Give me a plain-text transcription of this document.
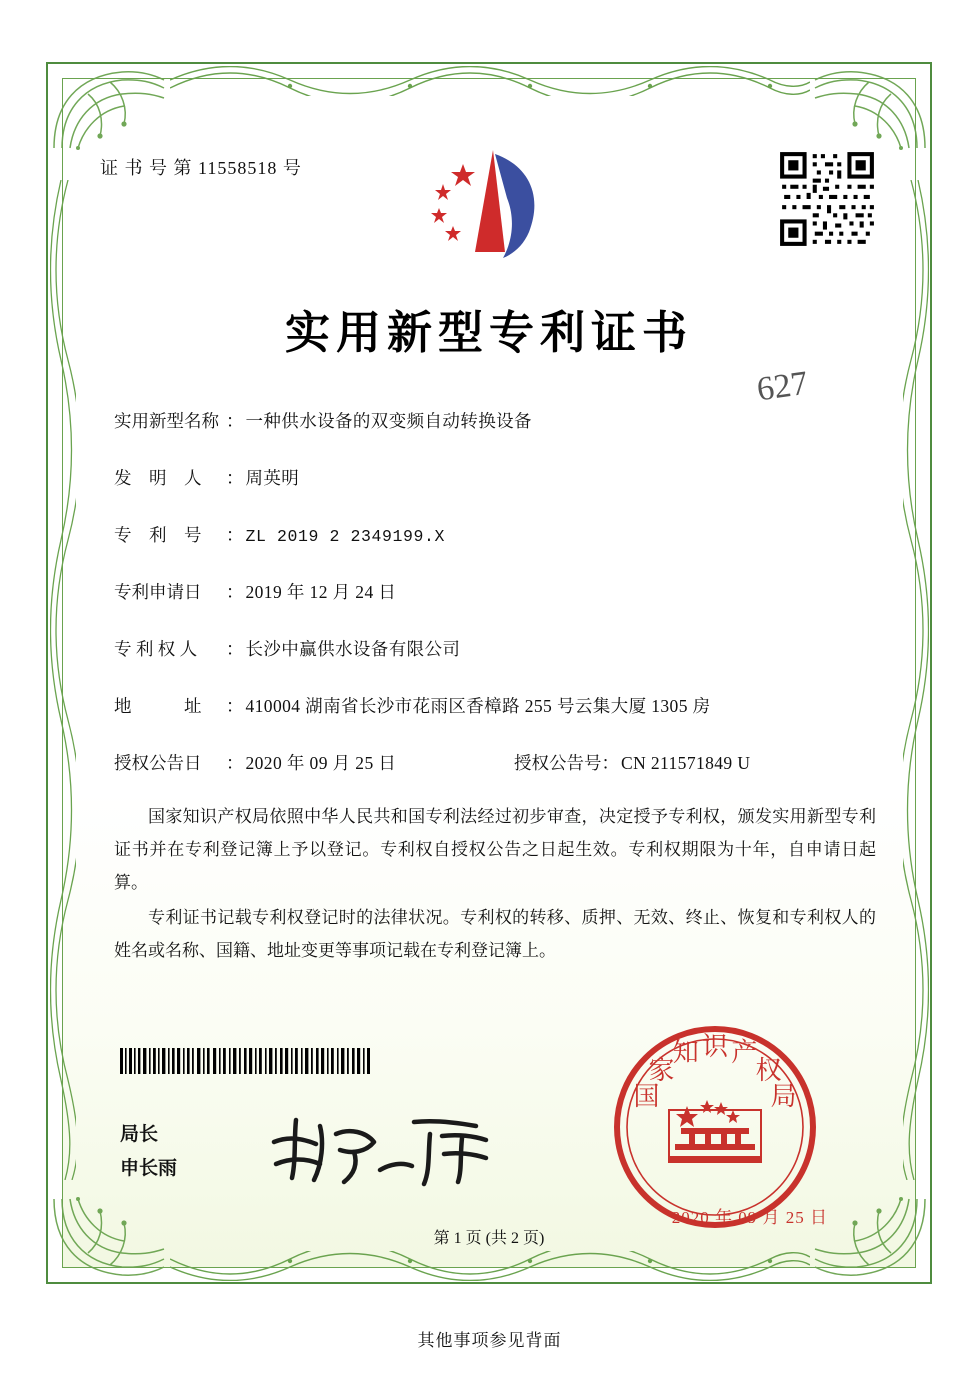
证 书 号 第 11558518 号
实用新型专利证书
627
实用新型名称 ： 一种供水设备的双变频自动转换设备
发　明　人	： 周英明
专　利　号	： ZL 2019 2 2349199.X
专利申请日	： 2019 年 12 月 24 日
专 利 权 人	： 长沙中赢供水设备有限公司
地　　　址	： 410004 湖南省长沙市花雨区香樟路 255 号云集大厦 1305 房
授权公告日	： 2020 年 09 月 25 日	授权公告号 ： CN 211571849 U

国家知识产权局依照中华人民共和国专利法经过初步审查，决定授予专利权，颁发实用新型专利证书并在专利登记簿上予以登记。专利权自授权公告之日起生效。专利权期限为十年，自申请日起算。

专利证书记载专利权登记时的法律状况。专利权的转移、质押、无效、终止、恢复和专利权人的姓名或名称、国籍、地址变更等事项记载在专利登记簿上。

局长
申长雨
国
家
知 识 产
权
局
2020 年 09 月 25 日
第 1 页 (共 2 页)
其他事项参见背面
